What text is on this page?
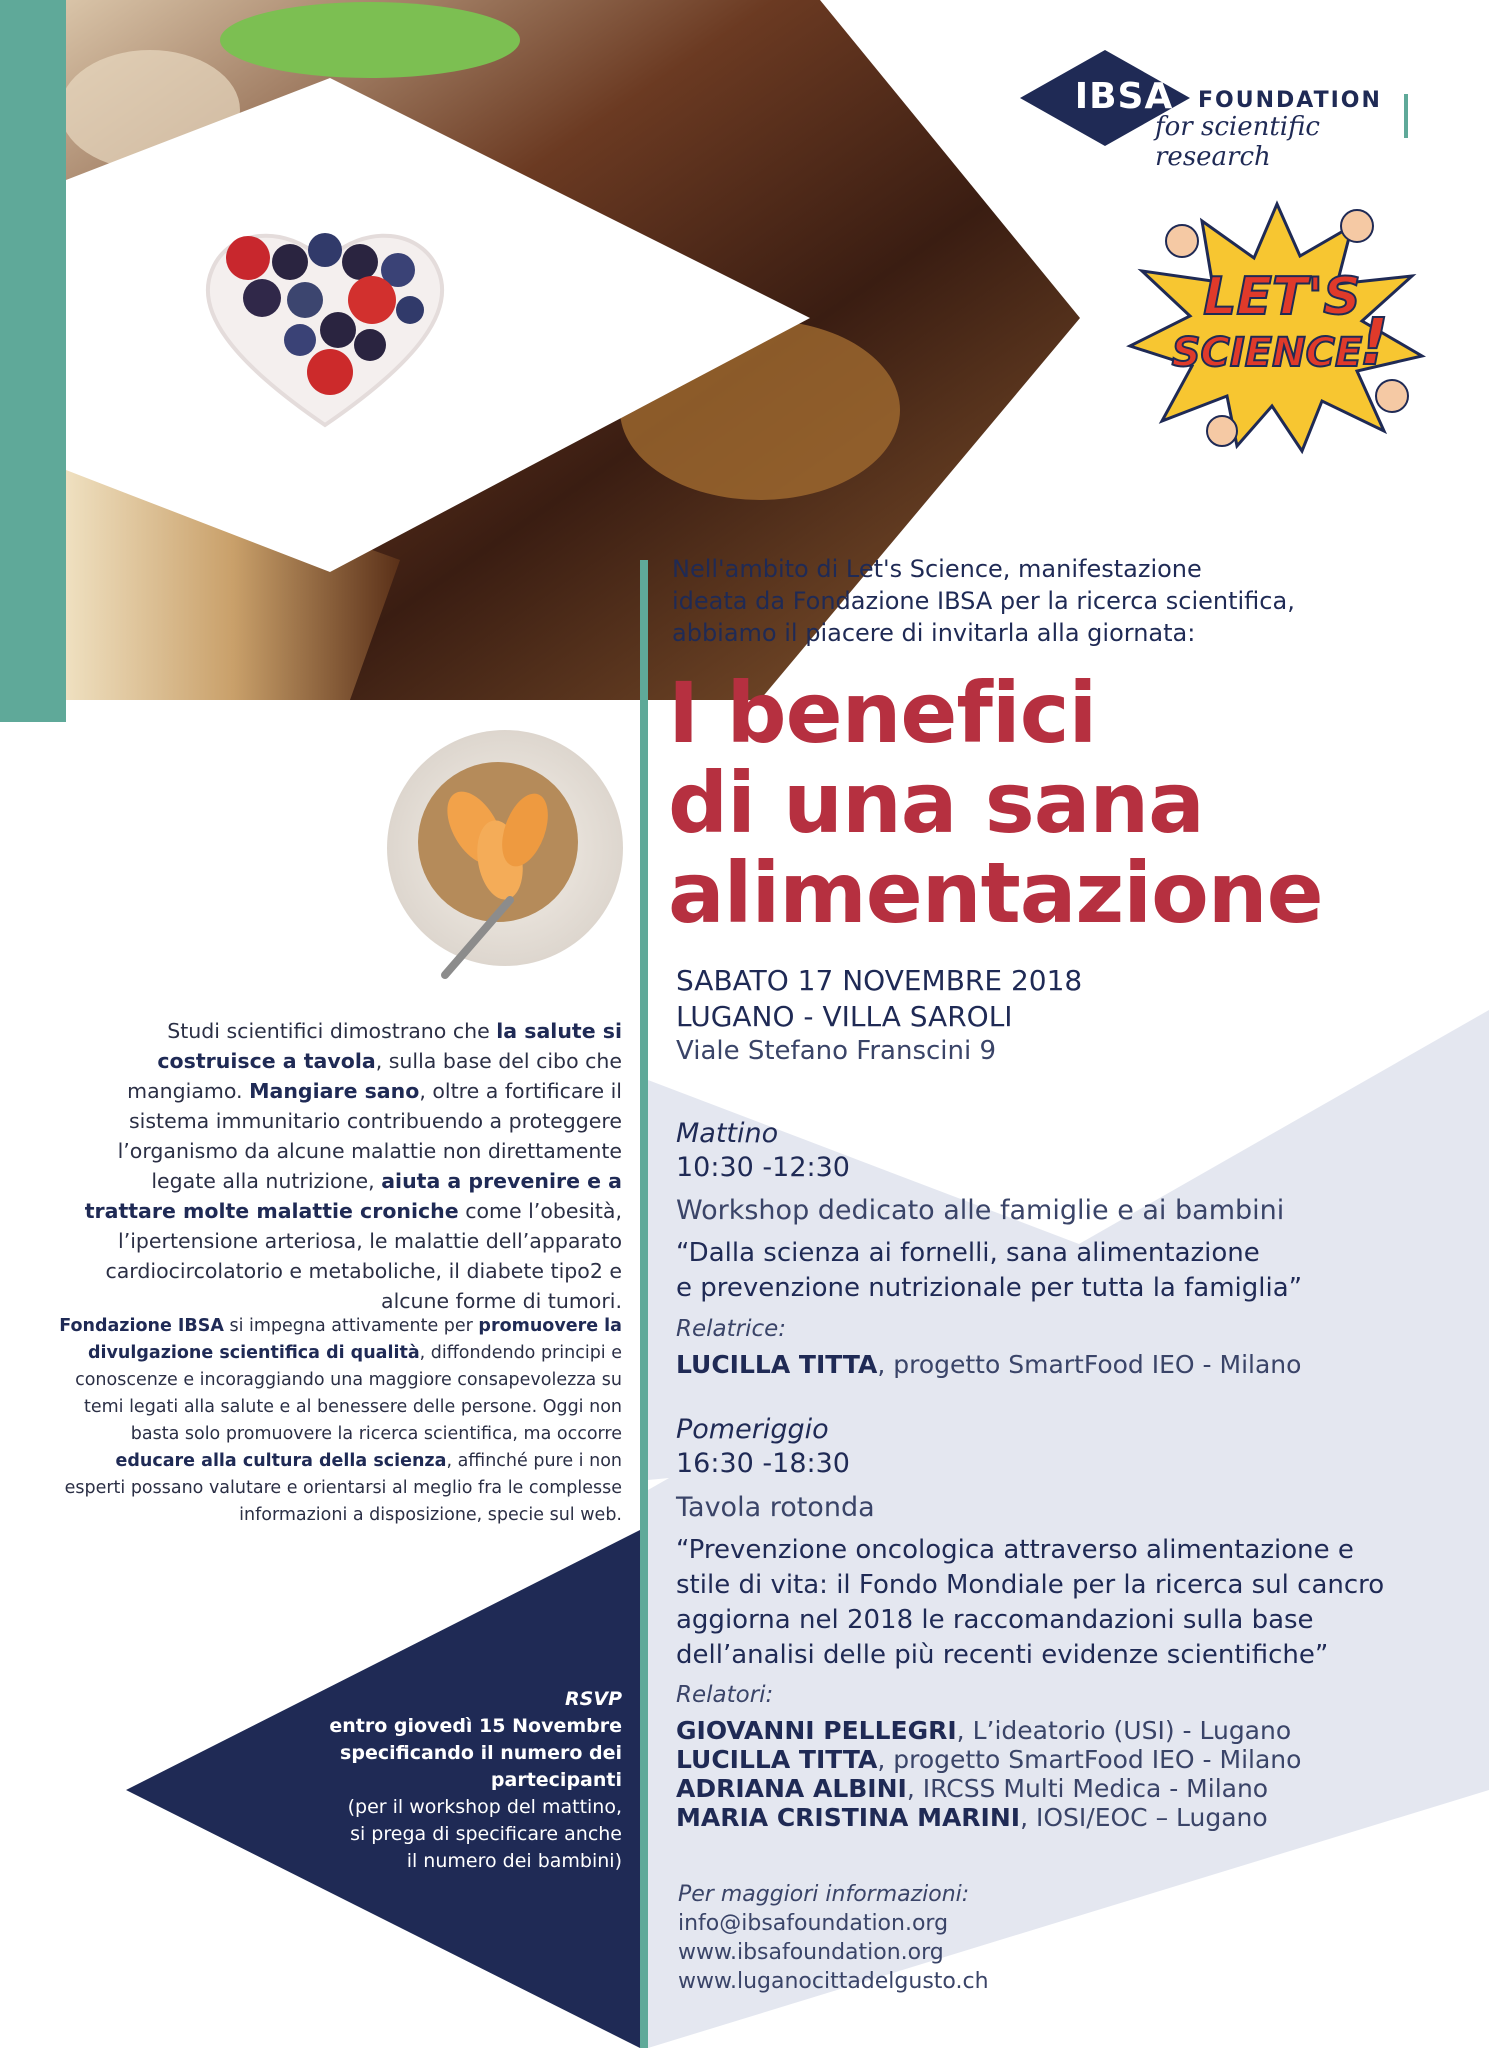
IBSA	FOUNDATION
for scientific research
LET'S
SCIENCE
!
Nell'ambito di Let's Science, manifestazione
ideata da Fondazione IBSA per la ricerca scientifica,
abbiamo il piacere di invitarla alla giornata:
I benefici
di una sana
alimentazione
SABATO 17 NOVEMBRE 2018
LUGANO - VILLA SAROLI
Viale Stefano Franscini 9
Mattino
10:30 -12:30
Workshop dedicato alle famiglie e ai bambini
“Dalla scienza ai fornelli, sana alimentazione
e prevenzione nutrizionale per tutta la famiglia”
Relatrice:
LUCILLA TITTA, progetto SmartFood IEO - Milano
Pomeriggio
16:30 -18:30
Tavola rotonda
“Prevenzione oncologica attraverso alimentazione e
stile di vita: il Fondo Mondiale per la ricerca sul cancro
aggiorna nel 2018 le raccomandazioni sulla base
dell’analisi delle più recenti evidenze scientifiche”
Relatori:
GIOVANNI PELLEGRI, L’ideatorio (USI) - Lugano
LUCILLA TITTA, progetto SmartFood IEO - Milano
ADRIANA ALBINI, IRCSS Multi Medica - Milano
MARIA CRISTINA MARINI, IOSI/EOC – Lugano
Per maggiori informazioni:
info@ibsafoundation.org
www.ibsafoundation.org
www.luganocittadelgusto.ch
Studi scientifici dimostrano che la salute si costruisce a tavola, sulla base del cibo che mangiamo. Mangiare sano, oltre a fortificare il sistema immunitario contribuendo a proteggere l’organismo da alcune malattie non direttamente legate alla nutrizione, aiuta a prevenire e a trattare molte malattie croniche come l’obesità, l’ipertensione arteriosa, le malattie dell’apparato cardiocircolatorio e metaboliche, il diabete tipo2 e alcune forme di tumori.
Fondazione IBSA si impegna attivamente per promuovere la divulgazione scientifica di qualità, diffondendo principi e conoscenze e incoraggiando una maggiore consapevolezza su temi legati alla salute e al benessere delle persone. Oggi non basta solo promuovere la ricerca scientifica, ma occorre educare alla cultura della scienza, affinché pure i non esperti possano valutare e orientarsi al meglio fra le complesse informazioni a disposizione, specie sul web.
RSVP
entro giovedì 15 Novembre
specificando il numero dei
partecipanti
(per il workshop del mattino,
si prega di specificare anche
il numero dei bambini)
